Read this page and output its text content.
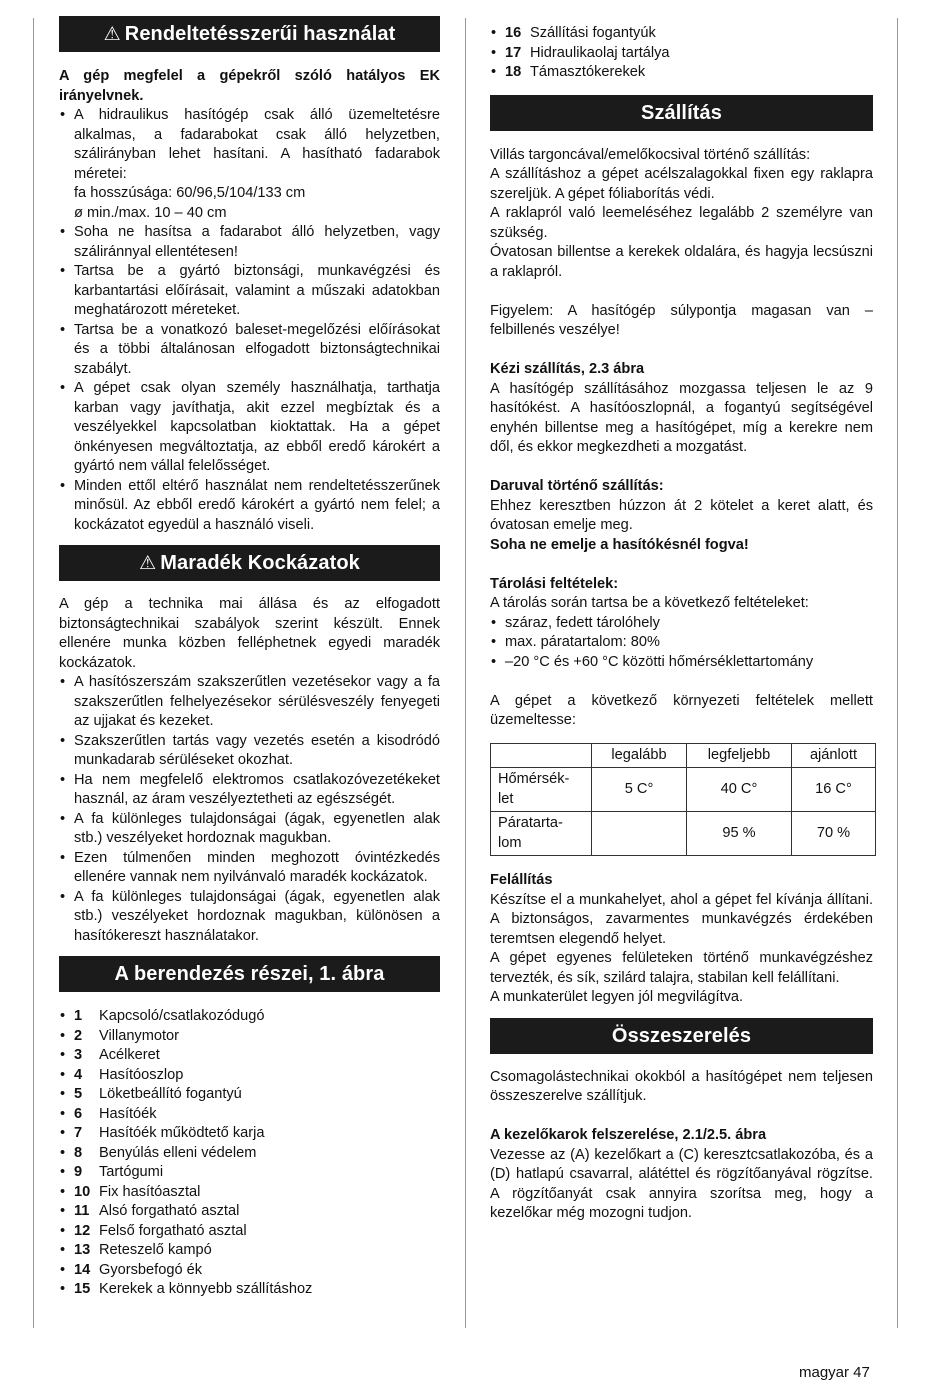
⚠ Rendeltetésszerűi használat

A gép megfelel a gépekről szóló hatályos EK irányelvnek.

• A hidraulikus hasítógép csak álló üzemeltetésre alkalmas, a fadarabokat csak álló helyzetben, szálirányban lehet hasítani. A hasítható fadarabok méretei:
fa hosszúsága: 60/96,5/104/133 cm
ø min./max. 10 – 40 cm
• Soha ne hasítsa a fadarabot álló helyzetben, vagy száliránnyal ellentétesen!
• Tartsa be a gyártó biztonsági, munkavégzési és karbantartási előírásait, valamint a műszaki adatokban meghatározott méreteket.
• Tartsa be a vonatkozó baleset-megelőzési előírásokat és a többi általánosan elfogadott biztonságtechnikai szabályt.
• A gépet csak olyan személy használhatja, tarthatja karban vagy javíthatja, akit ezzel megbíztak és a veszélyekkel kapcsolatban kioktattak. Ha a gépet önkényesen megváltoztatja, az ebből eredő károkért a gyártó nem vállal felelősséget.
• Minden ettől eltérő használat nem rendeltetésszerűnek minősül. Az ebből eredő károkért a gyártó nem felel; a kockázatot egyedül a használó viseli.
⚠ Maradék Kockázatok

A gép a technika mai állása és az elfogadott biztonságtechnikai szabályok szerint készült. Ennek ellenére munka közben felléphetnek egyedi maradék kockázatok.

• A hasítószerszám szakszerűtlen vezetésekor vagy a fa szakszerűtlen felhelyezésekor sérülésveszély fenyegeti az ujjakat és kezeket.
• Szakszerűtlen tartás vagy vezetés esetén a kisodródó munkadarab sérüléseket okozhat.
• Ha nem megfelelő elektromos csatlakozóvezetékeket használ, az áram veszélyeztetheti az egészségét.
• A fa különleges tulajdonságai (ágak, egyenetlen alak stb.) veszélyeket hordoznak magukban.
• Ezen túlmenően minden meghozott óvintézkedés ellenére vannak nem nyilvánvaló maradék kockázatok.
• A fa különleges tulajdonságai (ágak, egyenetlen alak stb.) veszélyeket hordoznak magukban, különösen a hasítókereszt használatakor.
A berendezés részei, 1. ábra
• 1	Kapcsoló/csatlakozódugó
• 2	Villanymotor
• 3	Acélkeret
• 4	Hasítóoszlop
• 5	Löketbeállító fogantyú
• 6	Hasítóék
• 7	Hasítóék működtető karja
• 8	Benyúlás elleni védelem
• 9	Tartógumi
• 10 Fix hasítóasztal
• 11 Alsó forgatható asztal
• 12 Felső forgatható asztal
• 13 Reteszelő kampó
• 14 Gyorsbefogó ék
• 15 Kerekek a könnyebb szállításhoz
• 16 Szállítási fogantyúk
• 17 Hidraulikaolaj tartálya
• 18 Támasztókerekek
Szállítás

Villás targoncával/emelőkocsival történő szállítás:

A szállításhoz a gépet acélszalagokkal fixen egy raklapra szereljük. A gépet fóliaborítás védi.

A raklapról való leemeléséhez legalább 2 személyre van szükség.

Óvatosan billentse a kerekek oldalára, és hagyja lecsúszni a raklapról.

Figyelem: A hasítógép súlypontja magasan van – felbillenés veszélye!

Kézi szállítás, 2.3 ábra

A hasítógép szállításához mozgassa teljesen le az 9 hasítókést. A hasítóoszlopnál, a fogantyú segítségével enyhén billentse meg a hasítógépet, míg a kerekre nem dől, és ekkor megkezdheti a mozgatást.

Daruval történő szállítás:

Ehhez keresztben húzzon át 2 kötelet a keret alatt, és óvatosan emelje meg.

Soha ne emelje a hasítókésnél fogva!

Tárolási feltételek:

A tárolás során tartsa be a következő feltételeket:

• száraz, fedett tárolóhely
• max. páratartalom: 80%
• –20 °C és +60 °C közötti hőmérséklettartomány

A gépet a következő környezeti feltételek mellett üzemeltesse:

	legalább	legfeljebb	ajánlott
Hőmérsék-
let	5 C°	40 C°	16 C°
Páratarta-
lom		95 %	70 %

Felállítás

Készítse el a munkahelyet, ahol a gépet fel kívánja állítani. A biztonságos, zavarmentes munkavégzés érdekében teremtsen elegendő helyet.

A gépet egyenes felületeken történő munkavégzéshez tervezték, és sík, szilárd talajra, stabilan kell felállítani.

A munkaterület legyen jól megvilágítva.

Összeszerelés

Csomagolástechnikai okokból a hasítógépet nem teljesen összeszerelve szállítjuk.

A kezelőkarok felszerelése, 2.1/2.5. ábra

Vezesse az (A) kezelőkart a (C) keresztcsatlakozóba, és a (D) hatlapú csavarral, alátéttel és rögzítőanyával rögzítse. A rögzítőanyát csak annyira szorítsa meg, hogy a kezelőkar még mozogni tudjon.

magyar 47
